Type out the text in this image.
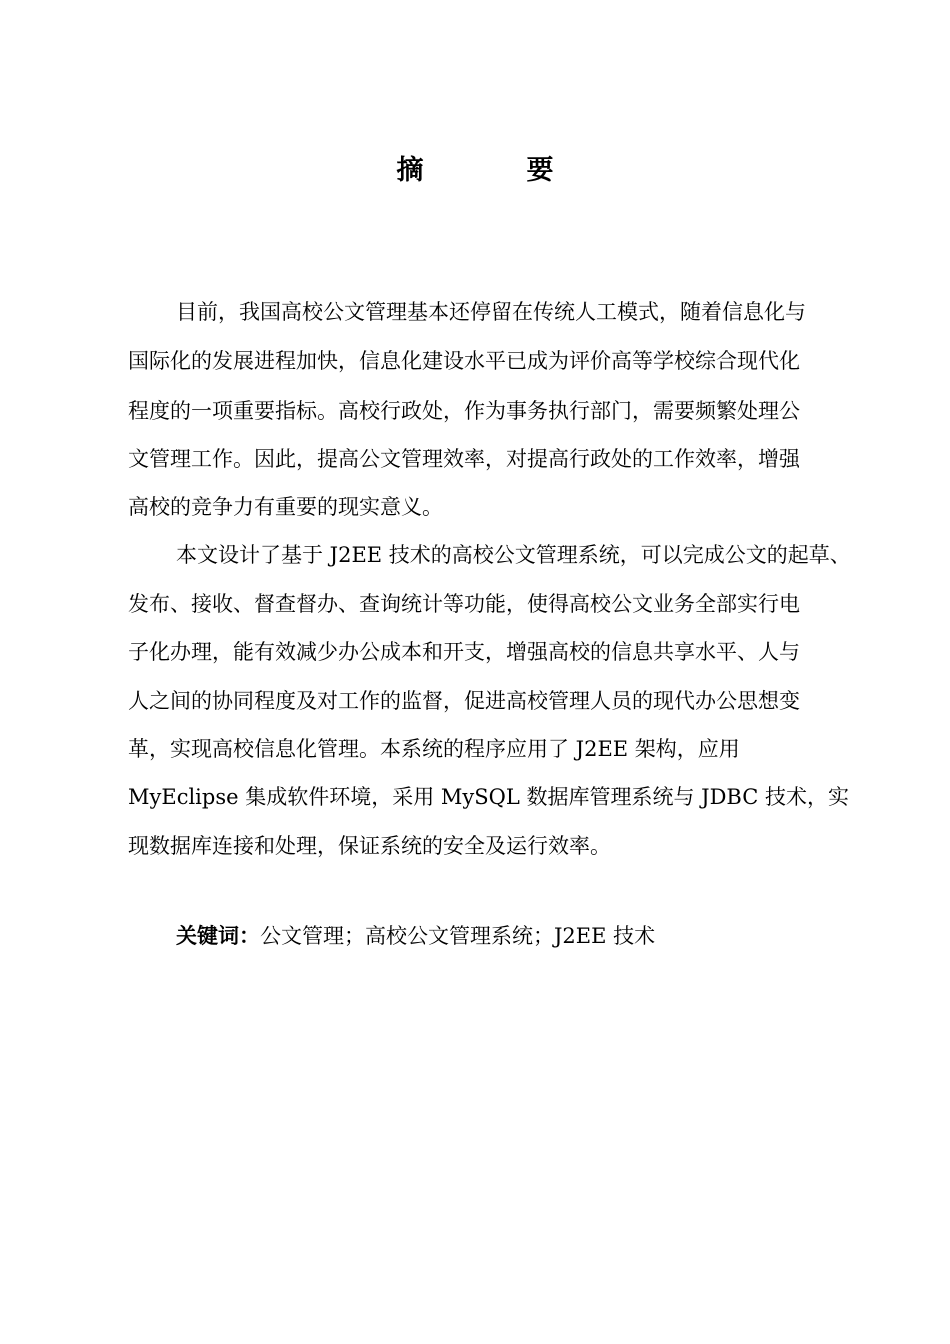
摘　要
目前，我国高校公文管理基本还停留在传统人工模式，随着信息化与
国际化的发展进程加快，信息化建设水平已成为评价高等学校综合现代化
程度的一项重要指标。高校行政处，作为事务执行部门，需要频繁处理公
文管理工作。因此，提高公文管理效率，对提高行政处的工作效率，增强
高校的竞争力有重要的现实意义。
本文设计了基于 J2EE 技术的高校公文管理系统，可以完成公文的起草、
发布、接收、督查督办、查询统计等功能，使得高校公文业务全部实行电
子化办理，能有效减少办公成本和开支，增强高校的信息共享水平、人与
人之间的协同程度及对工作的监督，促进高校管理人员的现代办公思想变
革，实现高校信息化管理。本系统的程序应用了 J2EE 架构，应用
MyEclipse 集成软件环境，采用 MySQL 数据库管理系统与 JDBC 技术，实
现数据库连接和处理，保证系统的安全及运行效率。
关键词：公文管理；高校公文管理系统；J2EE 技术
